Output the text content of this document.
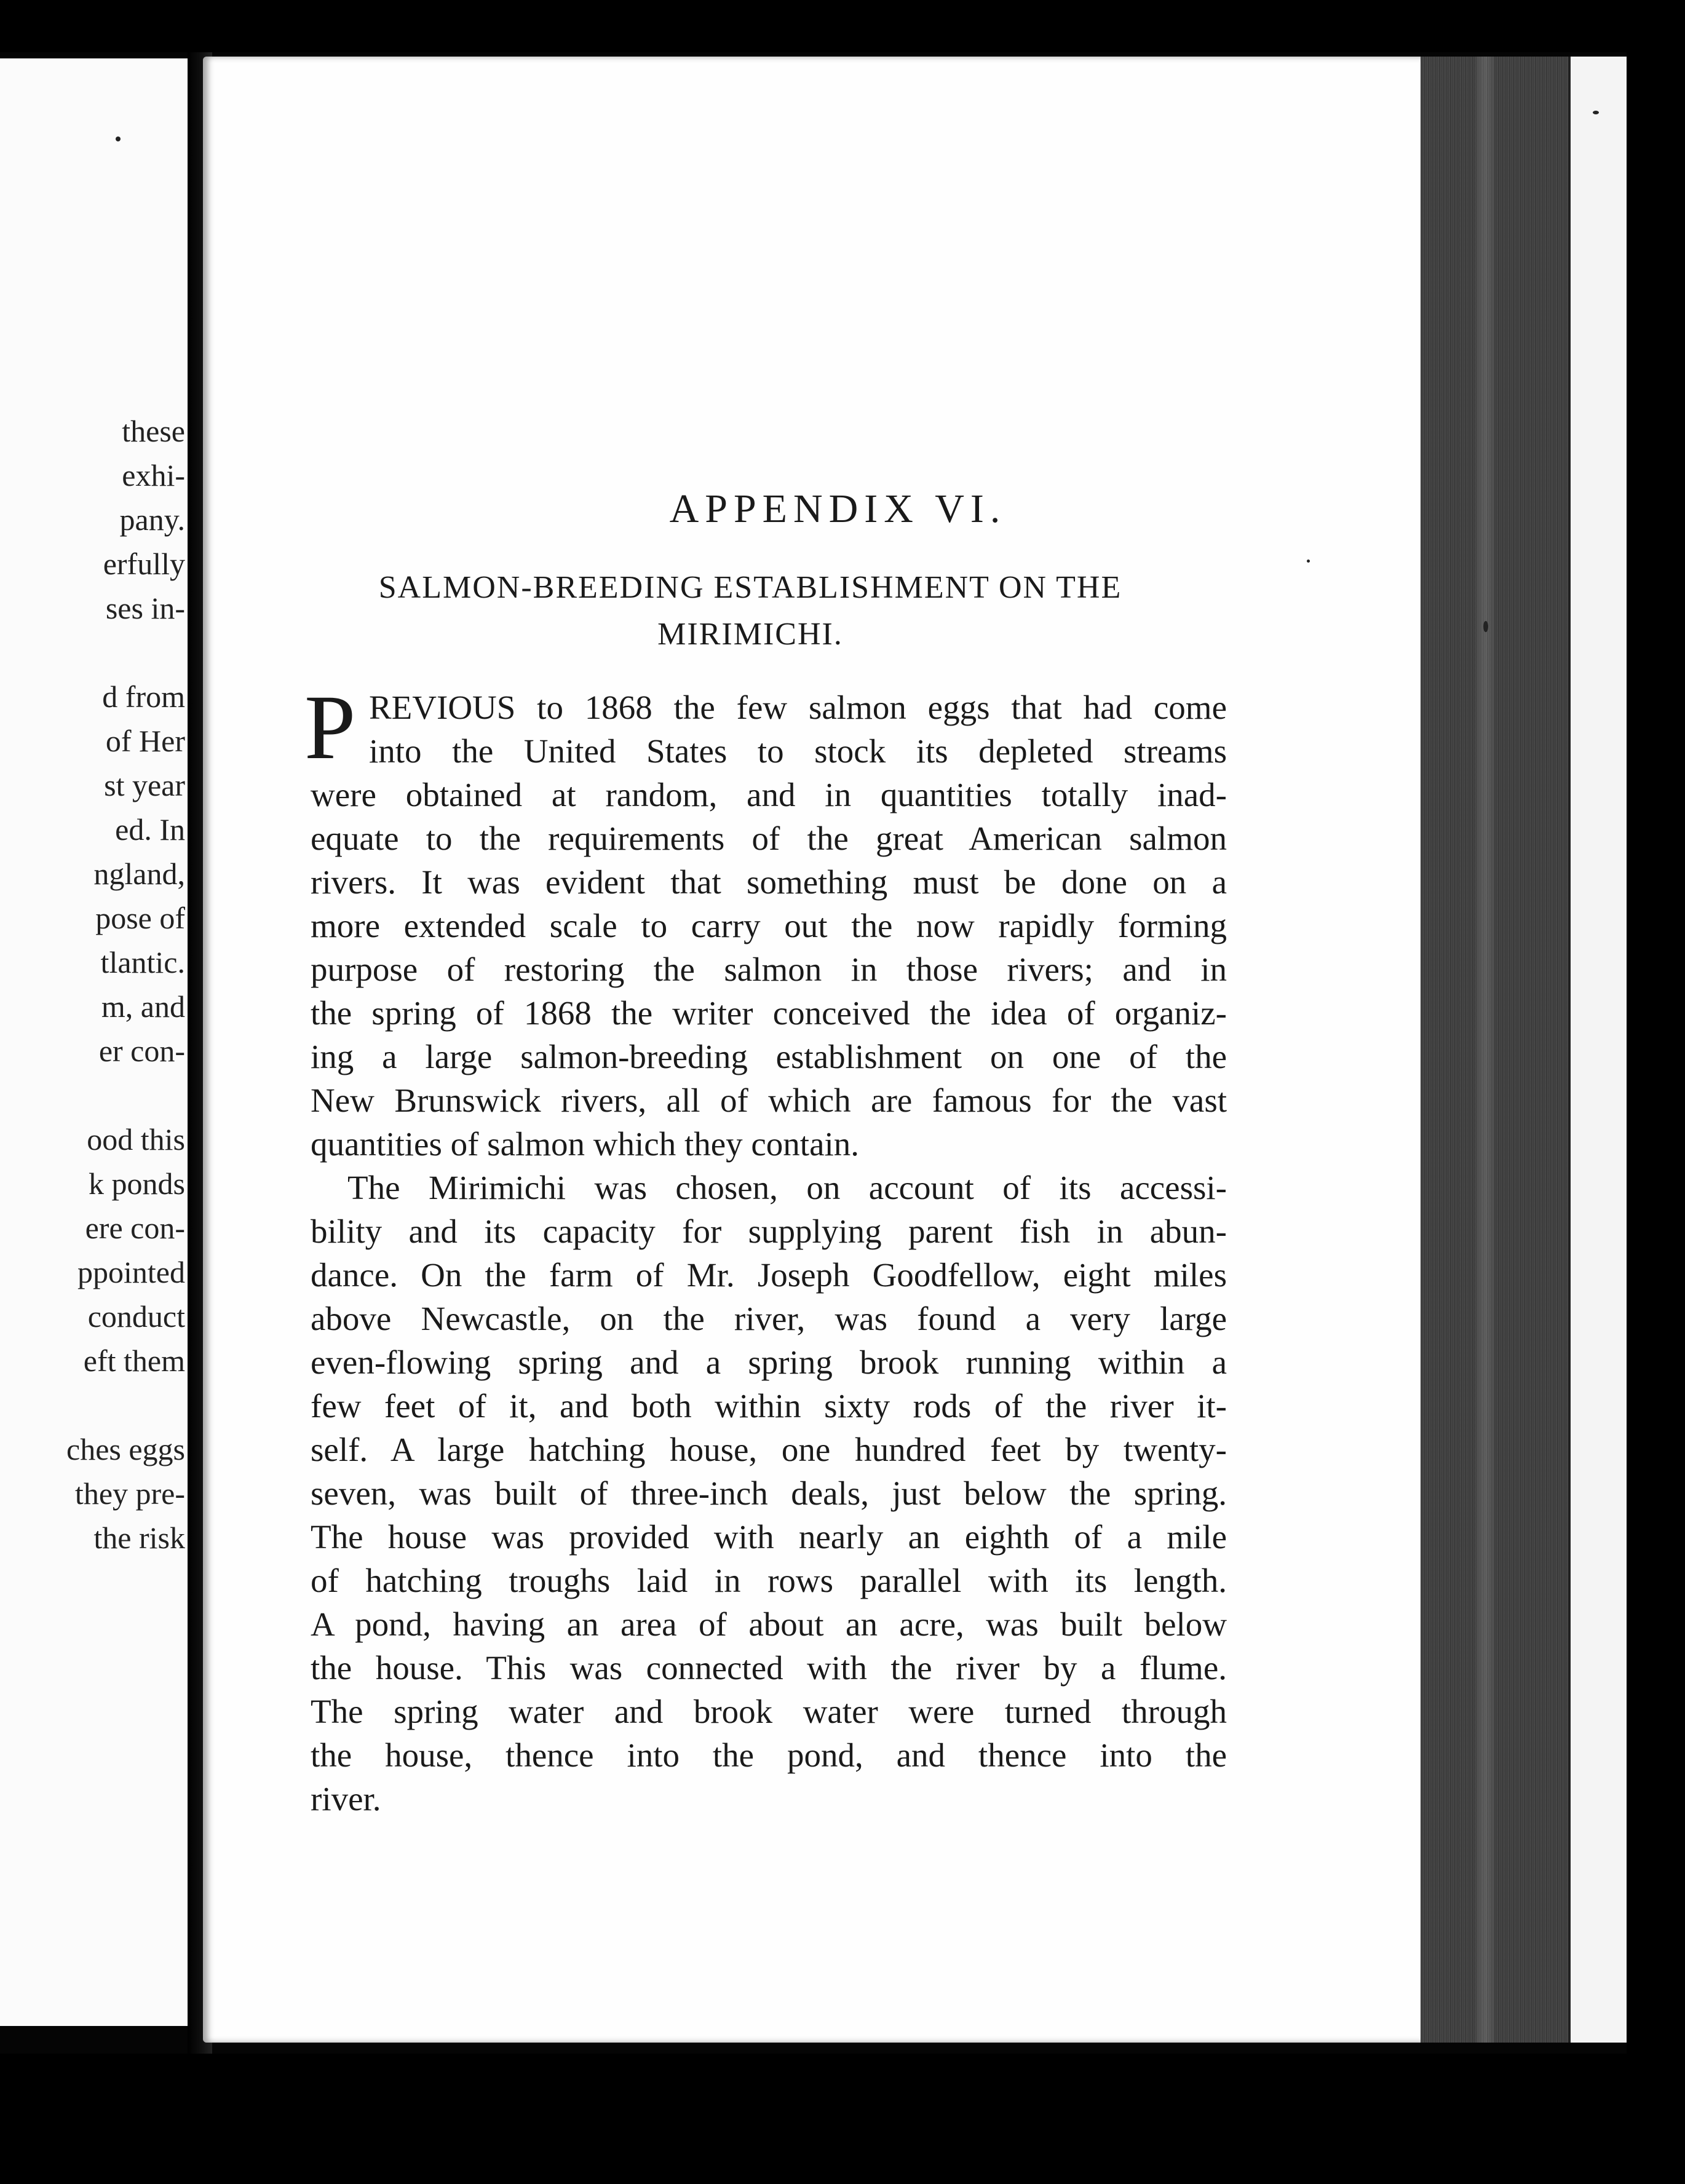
these
exhi-
pany.
erfully
ses in-
d from
of Her
st year
ed. In
ngland,
pose of
tlantic.
m, and
er con-
ood this
k ponds
ere con-
ppointed
conduct
eft them
ches eggs
they pre-
the risk
APPENDIX VI.
SALMON-BREEDING ESTABLISHMENT ON THE
MIRIMICHI.
P REVIOUS to 1868 the few salmon eggs that had come
into the United States to stock its depleted streams
were obtained at random, and in quantities totally inad-
equate to the requirements of the great American salmon
rivers. It was evident that something must be done on a
more extended scale to carry out the now rapidly forming
purpose of restoring the salmon in those rivers; and in
the spring of 1868 the writer conceived the idea of organiz-
ing a large salmon-breeding establishment on one of the
New Brunswick rivers, all of which are famous for the vast
quantities of salmon which they contain.
The Mirimichi was chosen, on account of its accessi-
bility and its capacity for supplying parent fish in abun-
dance. On the farm of Mr. Joseph Goodfellow, eight miles
above Newcastle, on the river, was found a very large
even-flowing spring and a spring brook running within a
few feet of it, and both within sixty rods of the river it-
self. A large hatching house, one hundred feet by twenty-
seven, was built of three-inch deals, just below the spring.
The house was provided with nearly an eighth of a mile
of hatching troughs laid in rows parallel with its length.
A pond, having an area of about an acre, was built below
the house. This was connected with the river by a flume.
The spring water and brook water were turned through
the house, thence into the pond, and thence into the
river.
